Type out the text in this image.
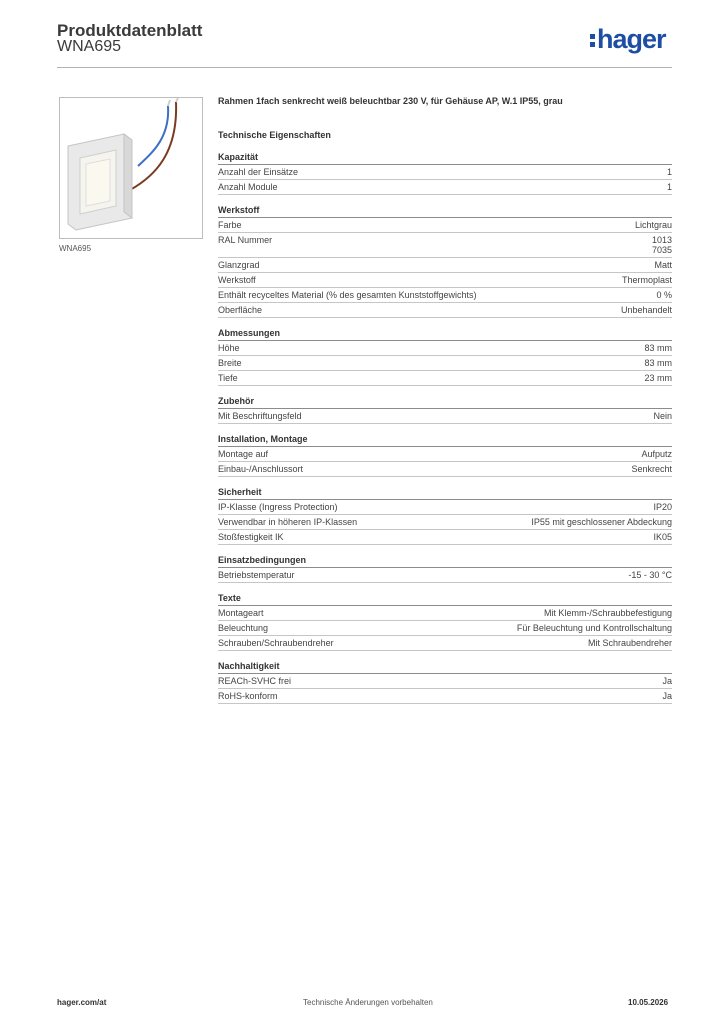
Produktdatenblatt
WNA695	hager
WNA695
Rahmen 1fach senkrecht weiß beleuchtbar 230 V, für Gehäuse AP, W.1 IP55, grau
Technische Eigenschaften
Kapazität
Anzahl der Einsätze	1
Anzahl Module	1
Werkstoff
Farbe	Lichtgrau
RAL Nummer	1013
7035
Glanzgrad	Matt
Werkstoff	Thermoplast
Enthält recyceltes Material (% des gesamten Kunststoffgewichts)	0 %
Oberfläche	Unbehandelt
Abmessungen
Höhe	83 mm
Breite	83 mm
Tiefe	23 mm
Zubehör
Mit Beschriftungsfeld	Nein
Installation, Montage
Montage auf	Aufputz
Einbau-/Anschlussort	Senkrecht
Sicherheit
IP-Klasse (Ingress Protection)	IP20
Verwendbar in höheren IP-Klassen	IP55 mit geschlossener Abdeckung
Stoßfestigkeit IK	IK05
Einsatzbedingungen
Betriebstemperatur	-15 - 30 °C
Texte
Montageart	Mit Klemm-/Schraubbefestigung
Beleuchtung	Für Beleuchtung und Kontrollschaltung
Schrauben/Schraubendreher	Mit Schraubendreher
Nachhaltigkeit
REACh-SVHC frei	Ja
RoHS-konform	Ja
hager.com/at	Technische Änderungen vorbehalten	10.05.2026
